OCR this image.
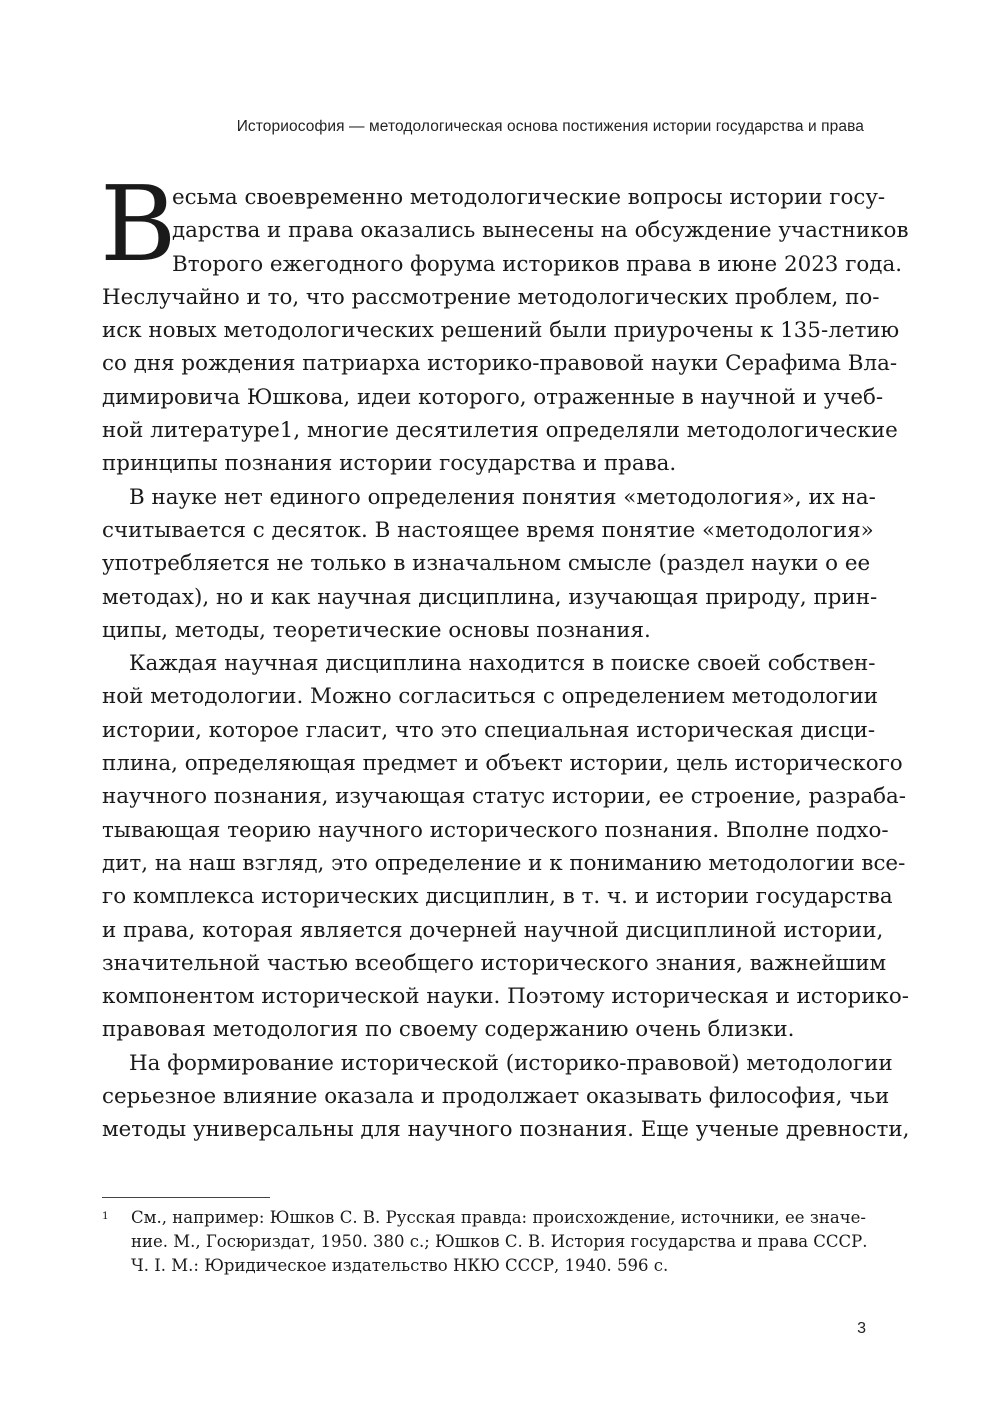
Историософия — методологическая основа постижения истории государства и права
В
есьма своевременно методологические вопросы истории госу-
дарства и права оказались вынесены на обсуждение участников
Второго ежегодного форума историков права в июне 2023 года.
Неслучайно и то, что рассмотрение методологических проблем, по-
иск новых методологических решений были приурочены к 135-летию
со дня рождения патриарха историко-правовой науки Серафима Вла-
димировича Юшкова, идеи которого, отраженные в научной и учеб-
ной литературе1, многие десятилетия определяли методологические
принципы познания истории государства и права.
В науке нет единого определения понятия «методология», их на-
считывается с десяток. В настоящее время понятие «методология»
употребляется не только в изначальном смысле (раздел науки о ее
методах), но и как научная дисциплина, изучающая природу, прин-
ципы, методы, теоретические основы познания.
Каждая научная дисциплина находится в поиске своей собствен-
ной методологии. Можно согласиться с определением методологии
истории, которое гласит, что это специальная историческая дисци-
плина, определяющая предмет и объект истории, цель исторического
научного познания, изучающая статус истории, ее строение, разраба-
тывающая теорию научного исторического познания. Вполне подхо-
дит, на наш взгляд, это определение и к пониманию методологии все-
го комплекса исторических дисциплин, в т. ч. и истории государства
и права, которая является дочерней научной дисциплиной истории,
значительной частью всеобщего исторического знания, важнейшим
компонентом исторической науки. Поэтому историческая и историко-
правовая методология по своему содержанию очень близки.
На формирование исторической (историко-правовой) методологии
серьезное влияние оказала и продолжает оказывать философия, чьи
методы универсальны для научного познания. Еще ученые древности,
1	См., например: Юшков С. В. Русская правда: происхождение, источники, ее значе-
ние. М., Госюриздат, 1950. 380 с.; Юшков С. В. История государства и права СССР.
Ч. I. М.: Юридическое издательство НКЮ СССР, 1940. 596 с.
3
